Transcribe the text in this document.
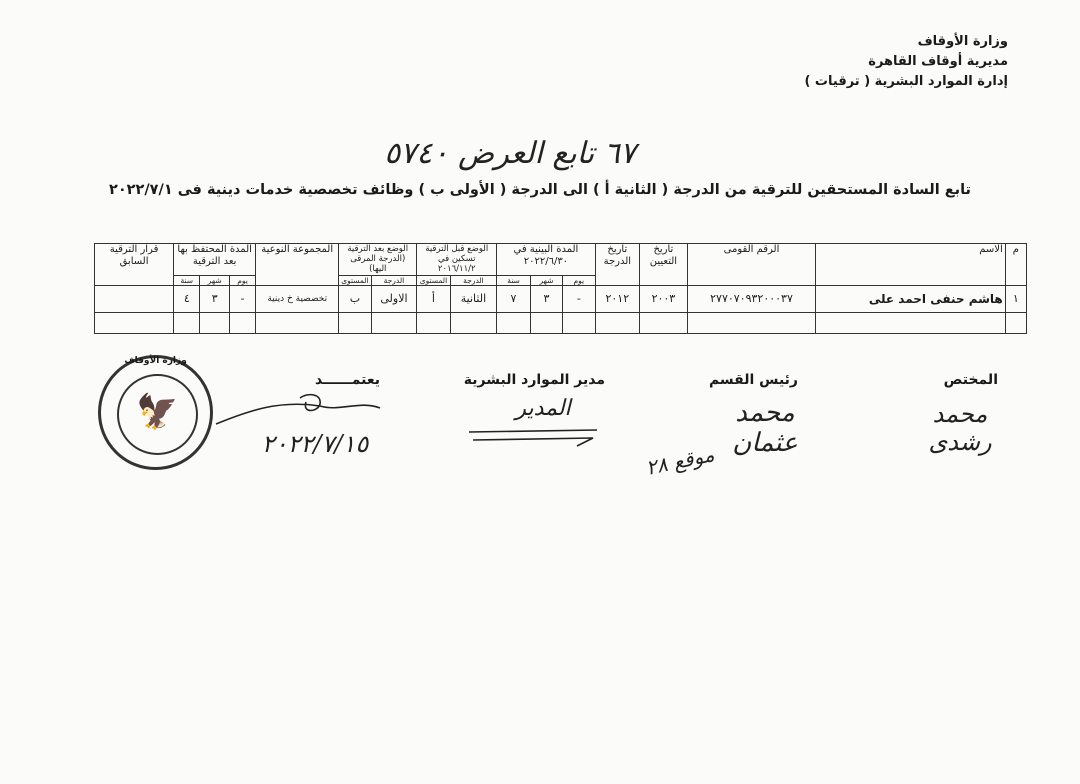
وزارة الأوقاف
مديرية أوقاف القاهرة
إدارة الموارد البشرية ( ترقيات )
٦٧ تابع العرض ٥٧٤٠
تابع السادة المستحقين للترقية من الدرجة ( الثانية أ ) الى الدرجة ( الأولى ب ) وظائف تخصصية خدمات دينية فى ٢٠٢٢/٧/١
م	الاسم	الرقم القومى	تاريخ التعيين	تاريخ الدرجة	المدة البينية في ٢٠٢٢/٦/٣٠			الوضع قبل الترقية تسكين في ٢٠١٦/١١/٢		الوضع بعد الترقية (الدرجة المرقى اليها)		المجموعة النوعية	المدة المحتفظ بها بعد الترقية			قرار الترقية السابق
					يوم	شهر	سنة	الدرجة	المستوى	الدرجة	المستوى		يوم	شهر	سنة	
١	هاشم حنفى احمد على	٢٧٧٠٧٠٩٣٢٠٠٠٣٧	٢٠٠٣	٢٠١٢	-	٣	٧	الثانية	أ	الاولى	ب	تخصصية خ دينية	-	٣	٤	

المختص
رئيس القسم
مدير الموارد البشرية
يعتمــــــد
محمد رشدى
محمد عثمان
موقع ٢٨
المدير
٢٠٢٢/٧/١٥
وزارة الأوقاف
🦅
